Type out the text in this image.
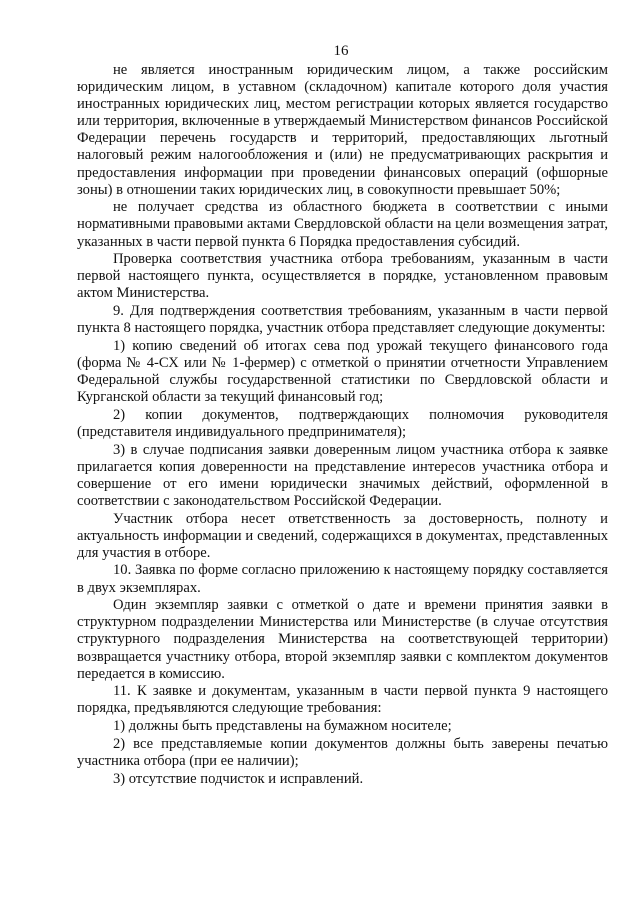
16

не является иностранным юридическим лицом, а также российским юридическим лицом, в уставном (складочном) капитале которого доля участия иностранных юридических лиц, местом регистрации которых является государство или территория, включенные в утверждаемый Министерством финансов Российской Федерации перечень государств и территорий, предоставляющих льготный налоговый режим налогообложения и (или) не предусматривающих раскрытия и предоставления информации при проведении финансовых операций (офшорные зоны) в отношении таких юридических лиц, в совокупности превышает 50%;

не получает средства из областного бюджета в соответствии с иными нормативными правовыми актами Свердловской области на цели возмещения затрат, указанных в части первой пункта 6 Порядка предоставления субсидий.

Проверка соответствия участника отбора требованиям, указанным в части первой настоящего пункта, осуществляется в порядке, установленном правовым актом Министерства.

9. Для подтверждения соответствия требованиям, указанным в части первой пункта 8 настоящего порядка, участник отбора представляет следующие документы:

1) копию сведений об итогах сева под урожай текущего финансового года (форма № 4-СХ или № 1-фермер) с отметкой о принятии отчетности Управлением Федеральной службы государственной статистики по Свердловской области и Курганской области за текущий финансовый год;

2) копии документов, подтверждающих полномочия руководителя (представителя индивидуального предпринимателя);

3) в случае подписания заявки доверенным лицом участника отбора к заявке прилагается копия доверенности на представление интересов участника отбора и совершение от его имени юридически значимых действий, оформленной в соответствии с законодательством Российской Федерации.

Участник отбора несет ответственность за достоверность, полноту и актуальность информации и сведений, содержащихся в документах, представленных для участия в отборе.

10. Заявка по форме согласно приложению к настоящему порядку составляется в двух экземплярах.

Один экземпляр заявки с отметкой о дате и времени принятия заявки в структурном подразделении Министерства или Министерстве (в случае отсутствия структурного подразделения Министерства на соответствующей территории) возвращается участнику отбора, второй экземпляр заявки с комплектом документов передается в комиссию.

11. К заявке и документам, указанным в части первой пункта 9 настоящего порядка, предъявляются следующие требования:

1) должны быть представлены на бумажном носителе;

2) все представляемые копии документов должны быть заверены печатью участника отбора (при ее наличии);

3) отсутствие подчисток и исправлений.
